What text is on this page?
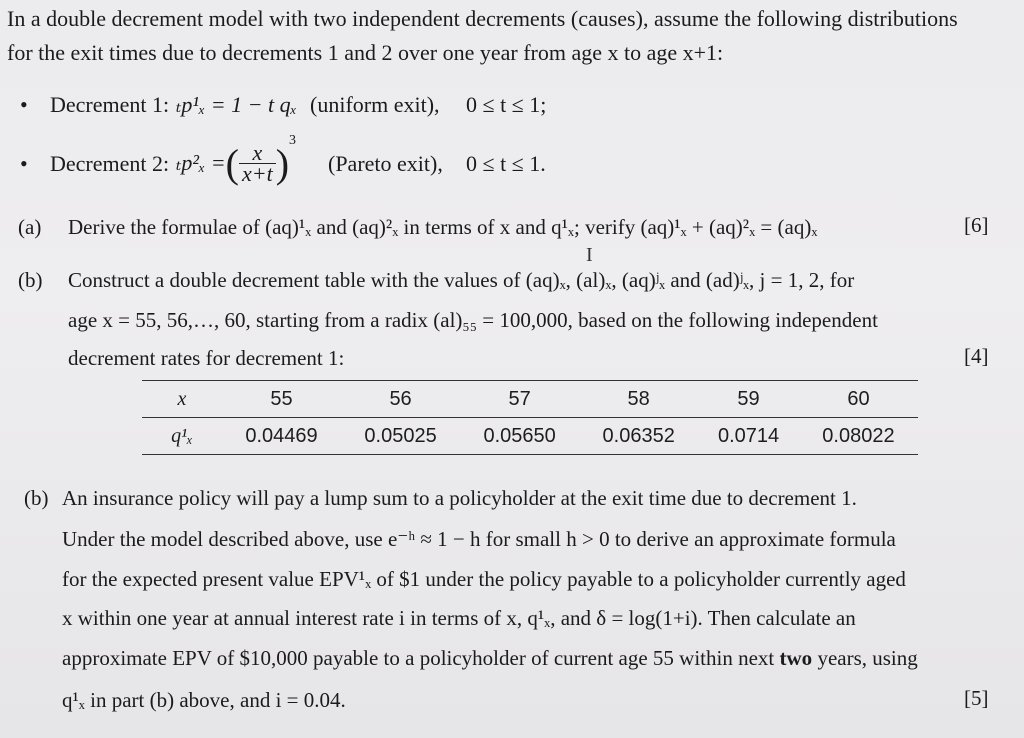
In a double decrement model with two independent decrements (causes), assume the following distributions
for the exit times due to decrements 1 and 2 over one year from age x to age x+1:
• Decrement 1: ₜp¹ₓ = 1 − t qₓ (uniform exit), 0 ≤ t ≤ 1;
• Decrement 2: ₜp²ₓ = ( $\frac{x}{x+t} )^3$
(Pareto exit), 0 ≤ t ≤ 1.
(a) Derive the formulae of (aq)¹ₓ and (aq)²ₓ in terms of x and q¹ₓ; verify (aq)¹ₓ + (aq)²ₓ = (aq)ₓ	[6]
I
(b) Construct a double decrement table with the values of (aq)ₓ, (al)ₓ, (aq)ʲₓ and (ad)ʲₓ, j = 1, 2, for
age x = 55, 56,…, 60, starting from a radix (al)₅₅ = 100,000, based on the following independent
decrement rates for decrement 1:	[4]
x	55	56	57	58	59	60
q¹ₓ	0.04469	0.05025	0.05650	0.06352	0.0714	0.08022
(b) An insurance policy will pay a lump sum to a policyholder at the exit time due to decrement 1.
Under the model described above, use e⁻ʰ ≈ 1 − h for small h > 0 to derive an approximate formula
for the expected present value EPV¹ₓ of $1 under the policy payable to a policyholder currently aged
x within one year at annual interest rate i in terms of x, q¹ₓ, and δ = log(1+i). Then calculate an
approximate EPV of $10,000 payable to a policyholder of current age 55 within next two years, using
q¹ₓ in part (b) above, and i = 0.04.	[5]
